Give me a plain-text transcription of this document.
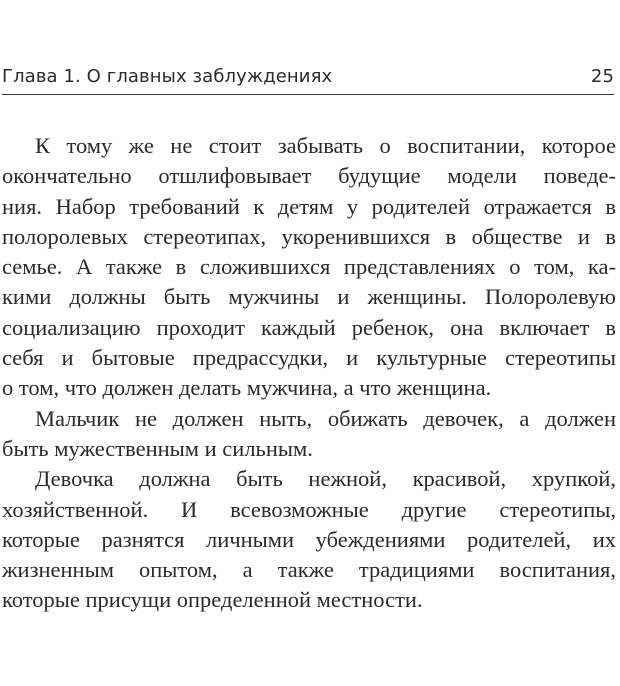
Глава 1. О главных заблуждениях	25
К тому же не стоит забывать о воспитании, которое
окончательно отшлифовывает будущие модели поведе-
ния. Набор требований к детям у родителей отражается в
полоролевых стереотипах, укоренившихся в обществе и в
семье. А также в сложившихся представлениях о том, ка-
кими должны быть мужчины и женщины. Полоролевую
социализацию проходит каждый ребенок, она включает в
себя и бытовые предрассудки, и культурные стереотипы
о том, что должен делать мужчина, а что женщина.
Мальчик не должен ныть, обижать девочек, а должен
быть мужественным и сильным.
Девочка должна быть нежной, красивой, хрупкой,
хозяйственной. И всевозможные другие стереотипы,
которые разнятся личными убеждениями родителей, их
жизненным опытом, а также традициями воспитания,
которые присущи определенной местности.
